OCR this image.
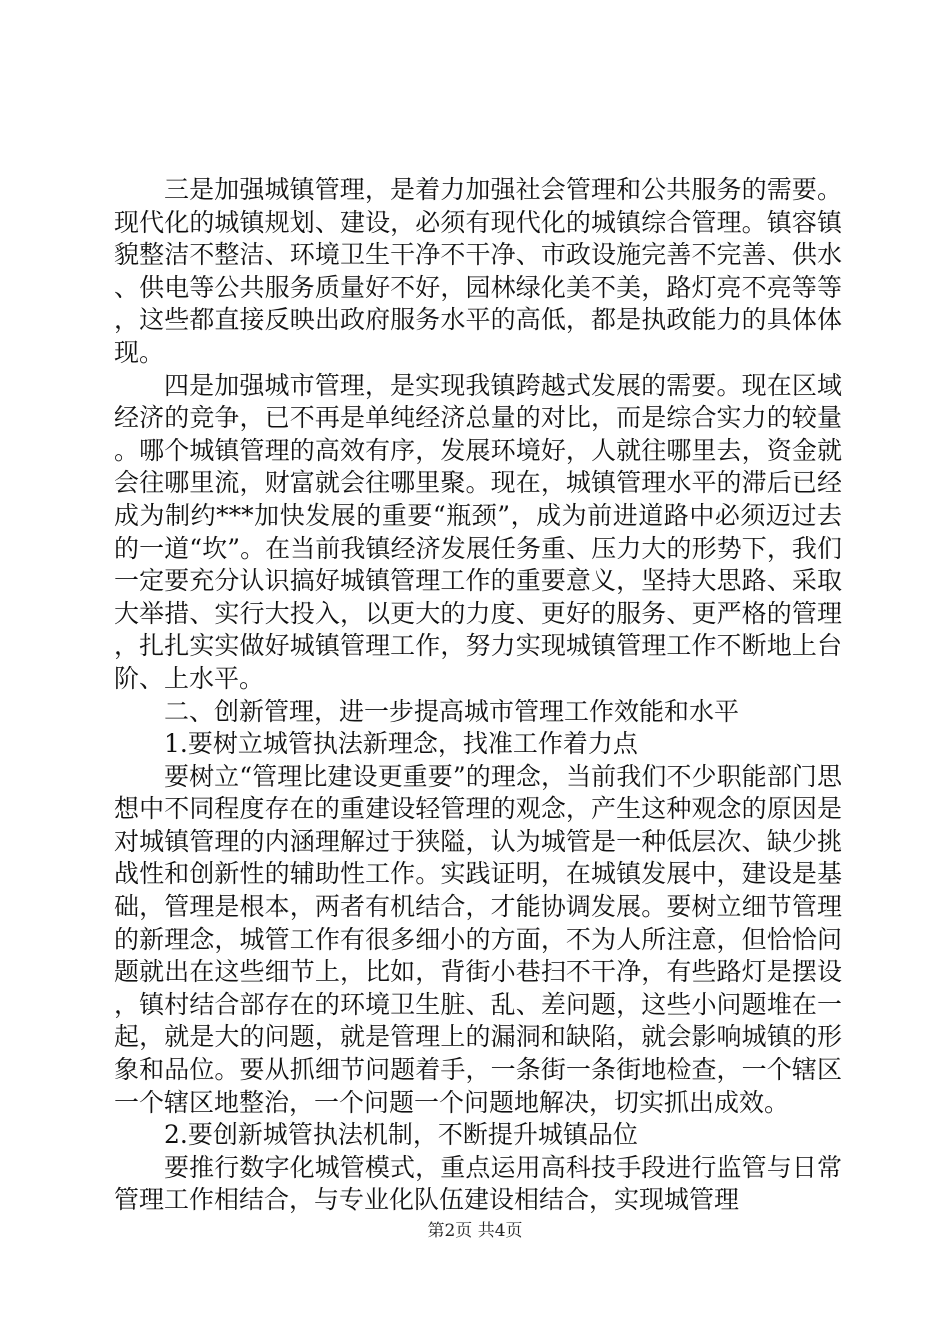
三是加强城镇管理，是着力加强社会管理和公共服务的需要。现代化的城镇规划、建设，必须有现代化的城镇综合管理。镇容镇貌整洁不整洁、环境卫生干净不干净、市政设施完善不完善、供水、供电等公共服务质量好不好，园林绿化美不美，路灯亮不亮等等，这些都直接反映出政府服务水平的高低，都是执政能力的具体体现。

四是加强城市管理，是实现我镇跨越式发展的需要。现在区域经济的竞争，已不再是单纯经济总量的对比，而是综合实力的较量。哪个城镇管理的高效有序，发展环境好，人就往哪里去，资金就会往哪里流，财富就会往哪里聚。现在，城镇管理水平的滞后已经成为制约***加快发展的重要“瓶颈”，成为前进道路中必须迈过去的一道“坎”。在当前我镇经济发展任务重、压力大的形势下，我们一定要充分认识搞好城镇管理工作的重要意义，坚持大思路、采取大举措、实行大投入，以更大的力度、更好的服务、更严格的管理，扎扎实实做好城镇管理工作，努力实现城镇管理工作不断地上台阶、上水平。

二、创新管理，进一步提高城市管理工作效能和水平

1.要树立城管执法新理念，找准工作着力点

要树立“管理比建设更重要”的理念，当前我们不少职能部门思想中不同程度存在的重建设轻管理的观念，产生这种观念的原因是对城镇管理的内涵理解过于狭隘，认为城管是一种低层次、缺少挑战性和创新性的辅助性工作。实践证明，在城镇发展中，建设是基础，管理是根本，两者有机结合，才能协调发展。要树立细节管理的新理念，城管工作有很多细小的方面，不为人所注意，但恰恰问题就出在这些细节上，比如，背街小巷扫不干净，有些路灯是摆设，镇村结合部存在的环境卫生脏、乱、差问题，这些小问题堆在一起，就是大的问题，就是管理上的漏洞和缺陷，就会影响城镇的形象和品位。要从抓细节问题着手，一条街一条街地检查，一个辖区一个辖区地整治，一个问题一个问题地解决，切实抓出成效。

2.要创新城管执法机制，不断提升城镇品位

要推行数字化城管模式，重点运用高科技手段进行监管与日常管理工作相结合，与专业化队伍建设相结合，实现城管理

第2页 共4页
